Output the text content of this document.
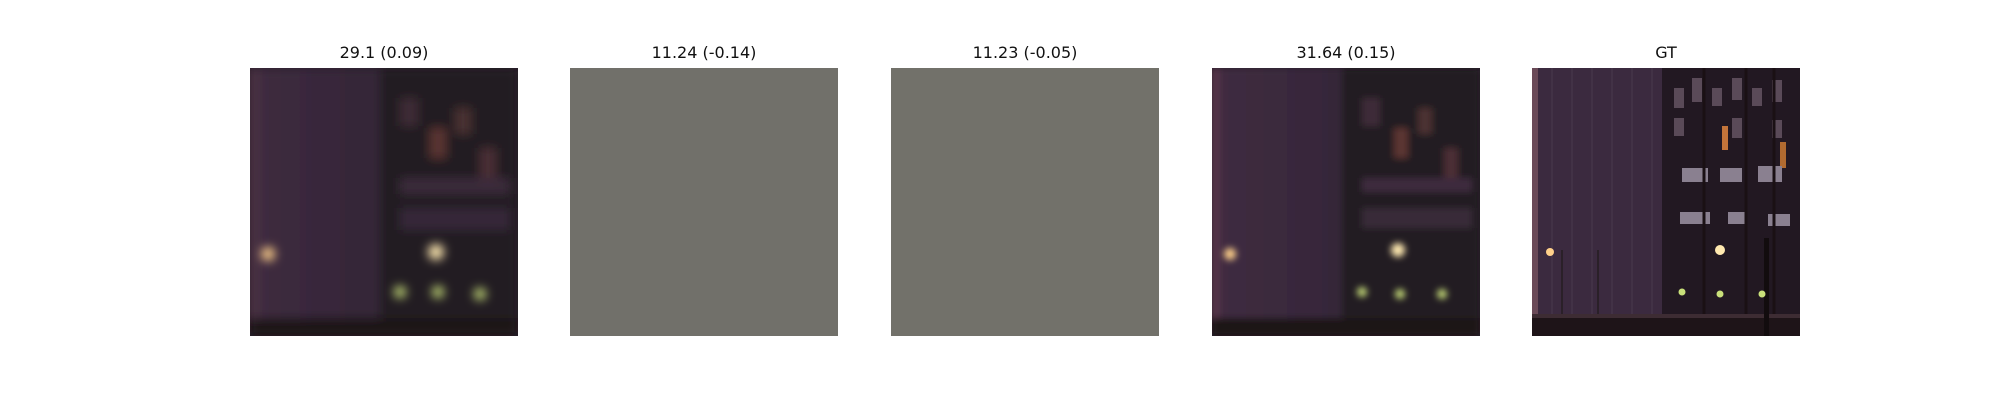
29.1 (0.09)	11.24 (-0.14)	11.23 (-0.05)	31.64 (0.15)	GT
